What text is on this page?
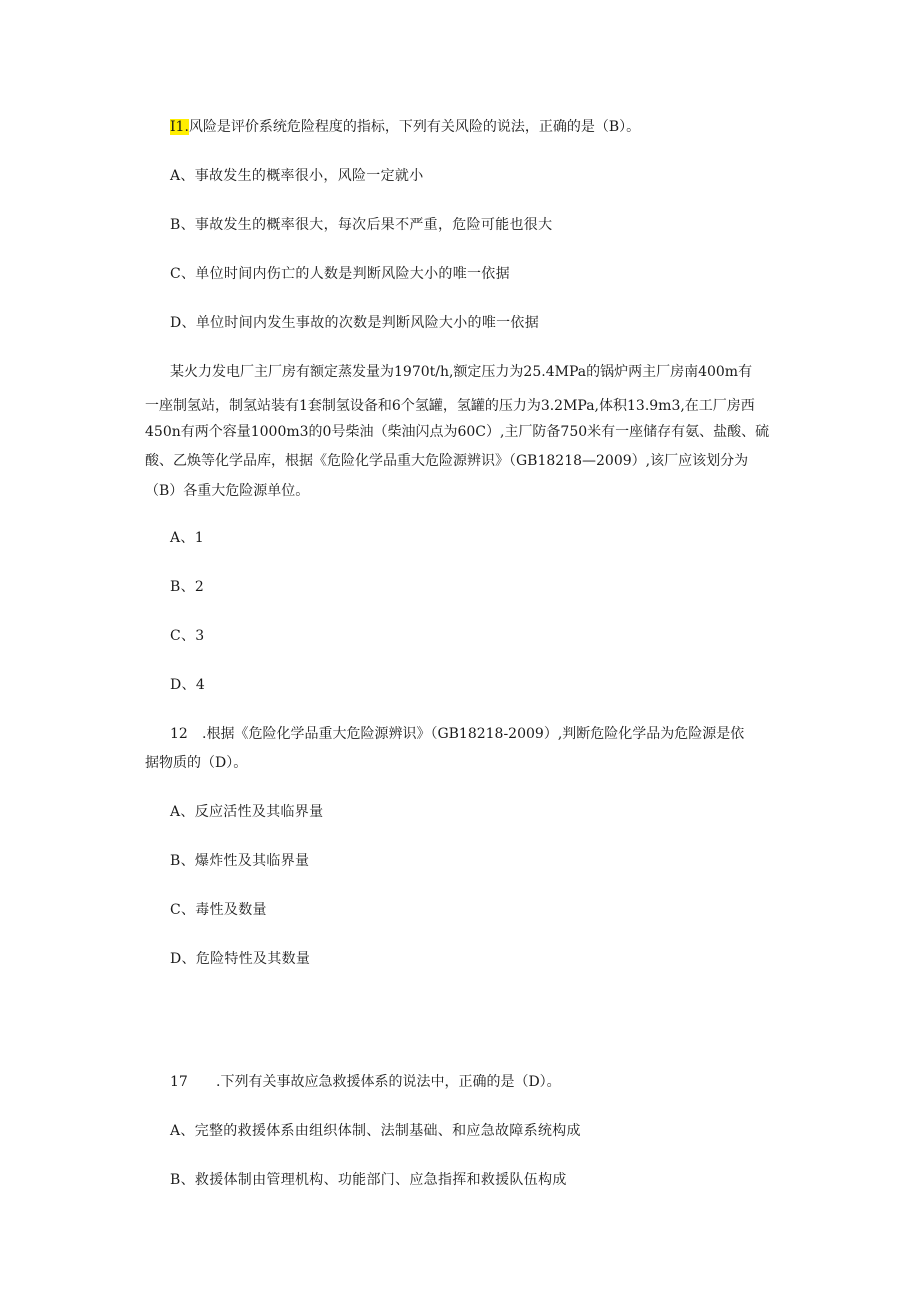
I1.风险是评价系统危险程度的指标，下列有关风险的说法，正确的是（B）。

A、事故发生的概率很小，风险一定就小

B、事故发生的概率很大，每次后果不严重，危险可能也很大

C、单位时间内伤亡的人数是判断风险大小的唯一依据

D、单位时间内发生事故的次数是判断风险大小的唯一依据

某火力发电厂主厂房有额定蒸发量为1970t/h,额定压力为25.4MPa的锅炉两主厂房南400m有

一座制氢站，制氢站装有1套制氢设备和6个氢罐，氢罐的压力为3.2MPa,体积13.9m3,在工厂房西

450n有两个容量1000m3的0号柴油（柴油闪点为60C）,主厂防备750米有一座储存有氨、盐酸、硫

酸、乙焕等化学品库，根据《危险化学品重大危险源辨识》（GB18218—2009）,该厂应该划分为

（B）各重大危险源单位。

A、1

B、2

C、3

D、4

12 .根据《危险化学品重大危险源辨识》（GB18218-2009）,判断危险化学品为危险源是依

据物质的（D）。

A、反应活性及其临界量

B、爆炸性及其临界量

C、毒性及数量

D、危险特性及其数量

17 .下列有关事故应急救援体系的说法中，正确的是（D）。

A、完整的救援体系由组织体制、法制基础、和应急故障系统构成

B、救援体制由管理机构、功能部门、应急指挥和救援队伍构成
